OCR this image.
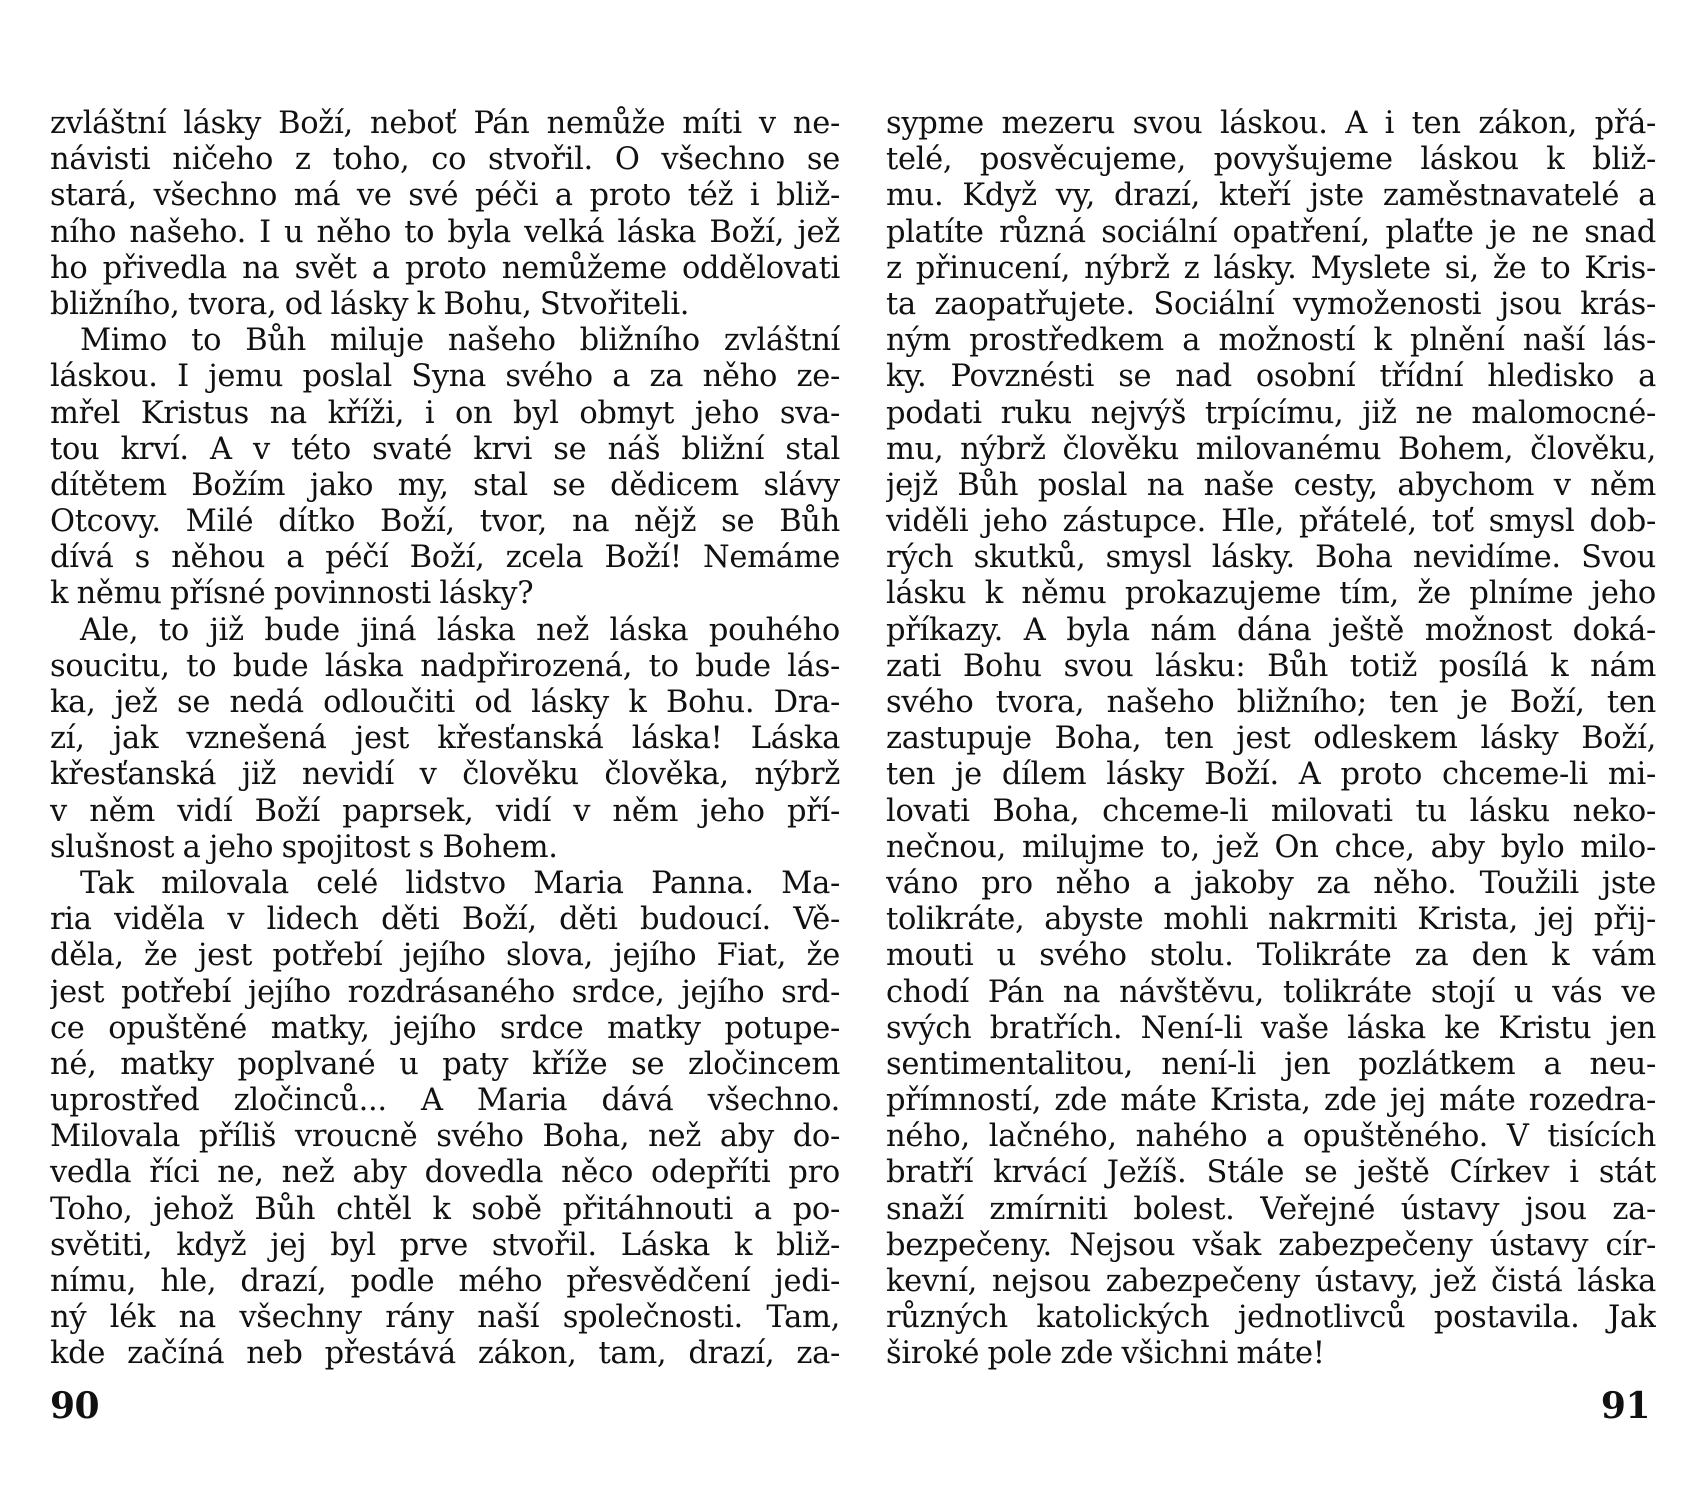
zvláštní lásky Boží, neboť Pán nemůže míti v ne-
návisti ničeho z toho, co stvořil. O všechno se
stará, všechno má ve své péči a proto též i bliž-
ního našeho. I u něho to byla velká láska Boží, jež
ho přivedla na svět a proto nemůžeme oddělovati
bližního, tvora, od lásky k Bohu, Stvořiteli.
Mimo to Bůh miluje našeho bližního zvláštní
láskou. I jemu poslal Syna svého a za něho ze-
mřel Kristus na kříži, i on byl obmyt jeho sva-
tou krví. A v této svaté krvi se náš bližní stal
dítětem Božím jako my, stal se dědicem slávy
Otcovy. Milé dítko Boží, tvor, na nějž se Bůh
dívá s něhou a péčí Boží, zcela Boží! Nemáme
k němu přísné povinnosti lásky?
Ale, to již bude jiná láska než láska pouhého
soucitu, to bude láska nadpřirozená, to bude lás-
ka, jež se nedá odloučiti od lásky k Bohu. Dra-
zí, jak vznešená jest křesťanská láska! Láska
křesťanská již nevidí v člověku člověka, nýbrž
v něm vidí Boží paprsek, vidí v něm jeho pří-
slušnost a jeho spojitost s Bohem.
Tak milovala celé lidstvo Maria Panna. Ma-
ria viděla v lidech děti Boží, děti budoucí. Vě-
děla, že jest potřebí jejího slova, jejího Fiat, že
jest potřebí jejího rozdrásaného srdce, jejího srd-
ce opuštěné matky, jejího srdce matky potupe-
né, matky poplvané u paty kříže se zločincem
uprostřed zločinců... A Maria dává všechno.
Milovala příliš vroucně svého Boha, než aby do-
vedla říci ne, než aby dovedla něco odepříti pro
Toho, jehož Bůh chtěl k sobě přitáhnouti a po-
světiti, když jej byl prve stvořil. Láska k bliž-
nímu, hle, drazí, podle mého přesvědčení jedi-
ný lék na všechny rány naší společnosti. Tam,
kde začíná neb přestává zákon, tam, drazí, za-
90
sypme mezeru svou láskou. A i ten zákon, přá-
telé, posvěcujeme, povyšujeme láskou k bliž-
mu. Když vy, drazí, kteří jste zaměstnavatelé a
platíte různá sociální opatření, plaťte je ne snad
z přinucení, nýbrž z lásky. Myslete si, že to Kris-
ta zaopatřujete. Sociální vymoženosti jsou krás-
ným prostředkem a možností k plnění naší lás-
ky. Povznésti se nad osobní třídní hledisko a
podati ruku nejvýš trpícímu, již ne malomocné-
mu, nýbrž člověku milovanému Bohem, člověku,
jejž Bůh poslal na naše cesty, abychom v něm
viděli jeho zástupce. Hle, přátelé, toť smysl dob-
rých skutků, smysl lásky. Boha nevidíme. Svou
lásku k němu prokazujeme tím, že plníme jeho
příkazy. A byla nám dána ještě možnost doká-
zati Bohu svou lásku: Bůh totiž posílá k nám
svého tvora, našeho bližního; ten je Boží, ten
zastupuje Boha, ten jest odleskem lásky Boží,
ten je dílem lásky Boží. A proto chceme-li mi-
lovati Boha, chceme-li milovati tu lásku neko-
nečnou, milujme to, jež On chce, aby bylo milo-
váno pro něho a jakoby za něho. Toužili jste
tolikráte, abyste mohli nakrmiti Krista, jej přij-
mouti u svého stolu. Tolikráte za den k vám
chodí Pán na návštěvu, tolikráte stojí u vás ve
svých bratřích. Není-li vaše láska ke Kristu jen
sentimentalitou, není-li jen pozlátkem a neu-
přímností, zde máte Krista, zde jej máte rozedra-
ného, lačného, nahého a opuštěného. V tisících
bratří krvácí Ježíš. Stále se ještě Církev i stát
snaží zmírniti bolest. Veřejné ústavy jsou za-
bezpečeny. Nejsou však zabezpečeny ústavy cír-
kevní, nejsou zabezpečeny ústavy, jež čistá láska
různých katolických jednotlivců postavila. Jak
široké pole zde všichni máte!
91
